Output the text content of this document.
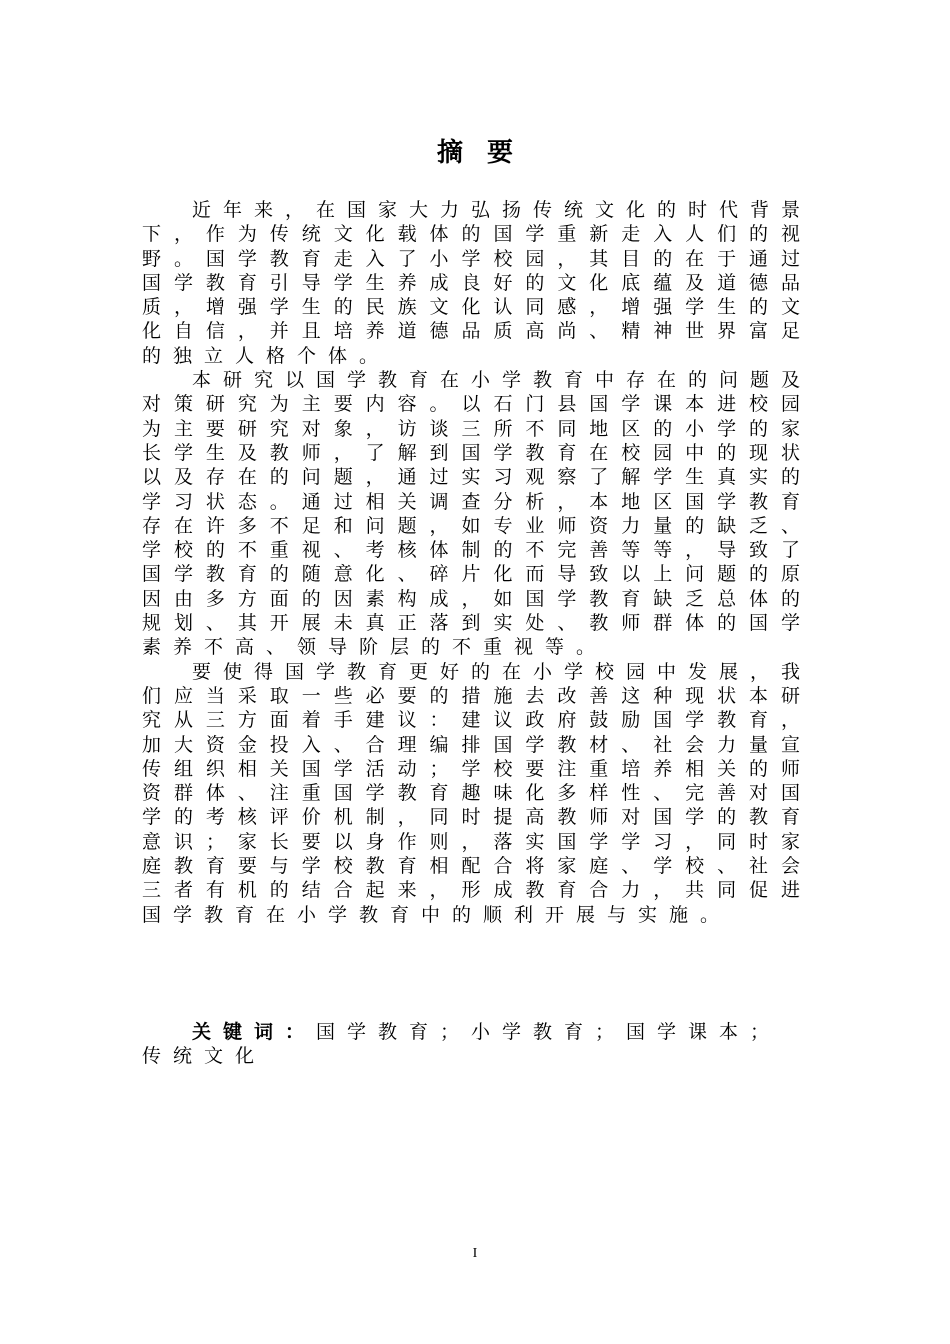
摘要

近年来，在国家大力弘扬传统文化的时代背景下，作为传统文化载体的国学重新走入人们的视野。国学教育走入了小学校园，其目的在于通过国学教育引导学生养成良好的文化底蕴及道德品质，增强学生的民族文化认同感，增强学生的文化自信，并且培养道德品质高尚、精神世界富足的独立人格个体。

本研究以国学教育在小学教育中存在的问题及对策研究为主要内容。以石门县国学课本进校园为主要研究对象，访谈三所不同地区的小学的家长学生及教师，了解到国学教育在校园中的现状以及存在的问题，通过实习观察了解学生真实的学习状态。通过相关调查分析，本地区国学教育存在许多不足和问题，如专业师资力量的缺乏、学校的不重视、考核体制的不完善等等，导致了国学教育的随意化、碎片化而导致以上问题的原因由多方面的因素构成，如国学教育缺乏总体的规划、其开展未真正落到实处、教师群体的国学素养不高、领导阶层的不重视等。

要使得国学教育更好的在小学校园中发展，我们应当采取一些必要的措施去改善这种现状本研究从三方面着手建议：建议政府鼓励国学教育，加大资金投入、合理编排国学教材、社会力量宣传组织相关国学活动；学校要注重培养相关的师资群体、注重国学教育趣味化多样性、完善对国学的考核评价机制，同时提高教师对国学的教育意识；家长要以身作则，落实国学学习，同时家庭教育要与学校教育相配合将家庭、学校、社会三者有机的结合起来，形成教育合力，共同促进国学教育在小学教育中的顺利开展与实施。

关键词：国学教育；小学教育；国学课本；传统文化

I
